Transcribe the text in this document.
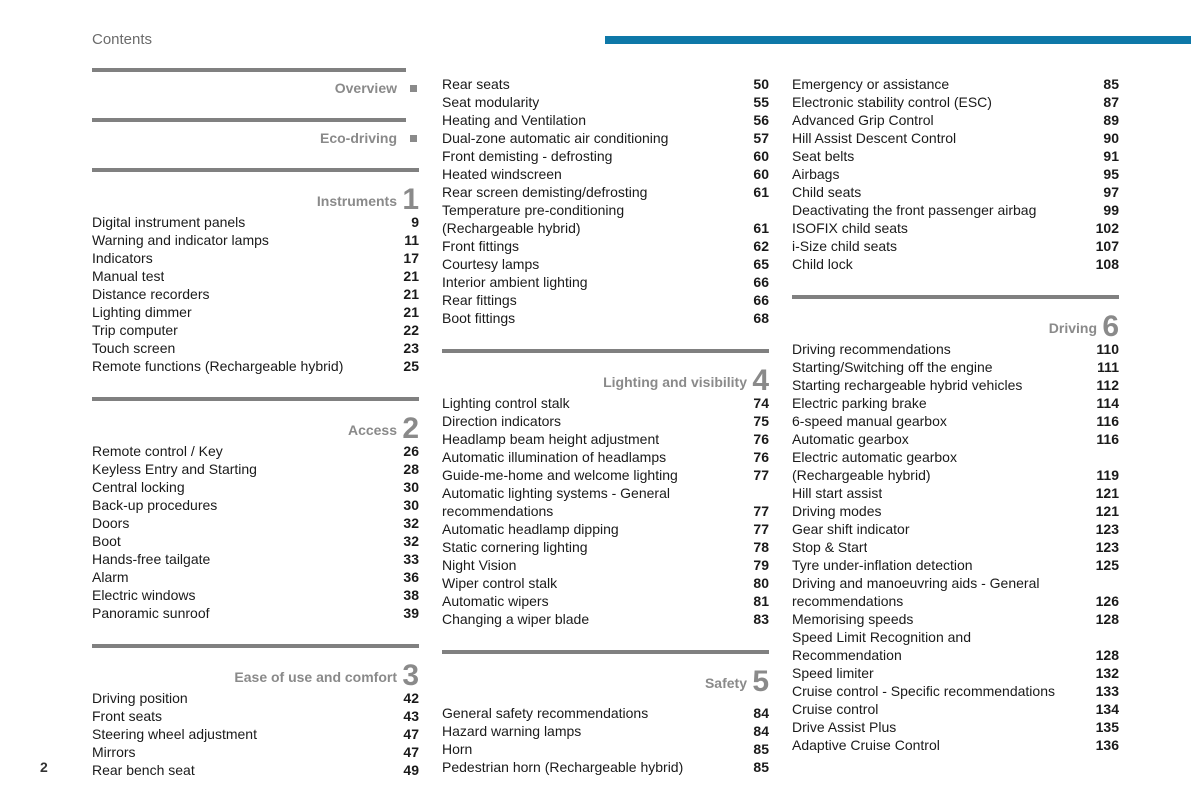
Contents
Overview
Eco-driving
Instruments 1
Digital instrument panels	9
Warning and indicator lamps	11
Indicators	17
Manual test	21
Distance recorders	21
Lighting dimmer	21
Trip computer	22
Touch screen	23
Remote functions (Rechargeable hybrid)	25
Access 2
Remote control / Key	26
Keyless Entry and Starting	28
Central locking	30
Back-up procedures	30
Doors	32
Boot	32
Hands-free tailgate	33
Alarm	36
Electric windows	38
Panoramic sunroof	39
Ease of use and comfort 3
Driving position	42
Front seats	43
Steering wheel adjustment	47
Mirrors	47
Rear bench seat	49
Rear seats	50
Seat modularity	55
Heating and Ventilation	56
Dual-zone automatic air conditioning	57
Front demisting - defrosting	60
Heated windscreen	60
Rear screen demisting/defrosting	61
Temperature pre-conditioning
(Rechargeable hybrid)	61
Front fittings	62
Courtesy lamps	65
Interior ambient lighting	66
Rear fittings	66
Boot fittings	68
Lighting and visibility 4
Lighting control stalk	74
Direction indicators	75
Headlamp beam height adjustment	76
Automatic illumination of headlamps	76
Guide-me-home and welcome lighting	77
Automatic lighting systems - General
recommendations	77
Automatic headlamp dipping	77
Static cornering lighting	78
Night Vision	79
Wiper control stalk	80
Automatic wipers	81
Changing a wiper blade	83
Safety 5
General safety recommendations	84
Hazard warning lamps	84
Horn	85
Pedestrian horn (Rechargeable hybrid)	85
Emergency or assistance	85
Electronic stability control (ESC)	87
Advanced Grip Control	89
Hill Assist Descent Control	90
Seat belts	91
Airbags	95
Child seats	97
Deactivating the front passenger airbag	99
ISOFIX child seats	102
i-Size child seats	107
Child lock	108
Driving 6
Driving recommendations	110
Starting/Switching off the engine	111
Starting rechargeable hybrid vehicles	112
Electric parking brake	114
6-speed manual gearbox	116
Automatic gearbox	116
Electric automatic gearbox
(Rechargeable hybrid)	119
Hill start assist	121
Driving modes	121
Gear shift indicator	123
Stop & Start	123
Tyre under-inflation detection	125
Driving and manoeuvring aids - General
recommendations	126
Memorising speeds	128
Speed Limit Recognition and
Recommendation	128
Speed limiter	132
Cruise control - Specific recommendations	133
Cruise control	134
Drive Assist Plus	135
Adaptive Cruise Control	136
2
